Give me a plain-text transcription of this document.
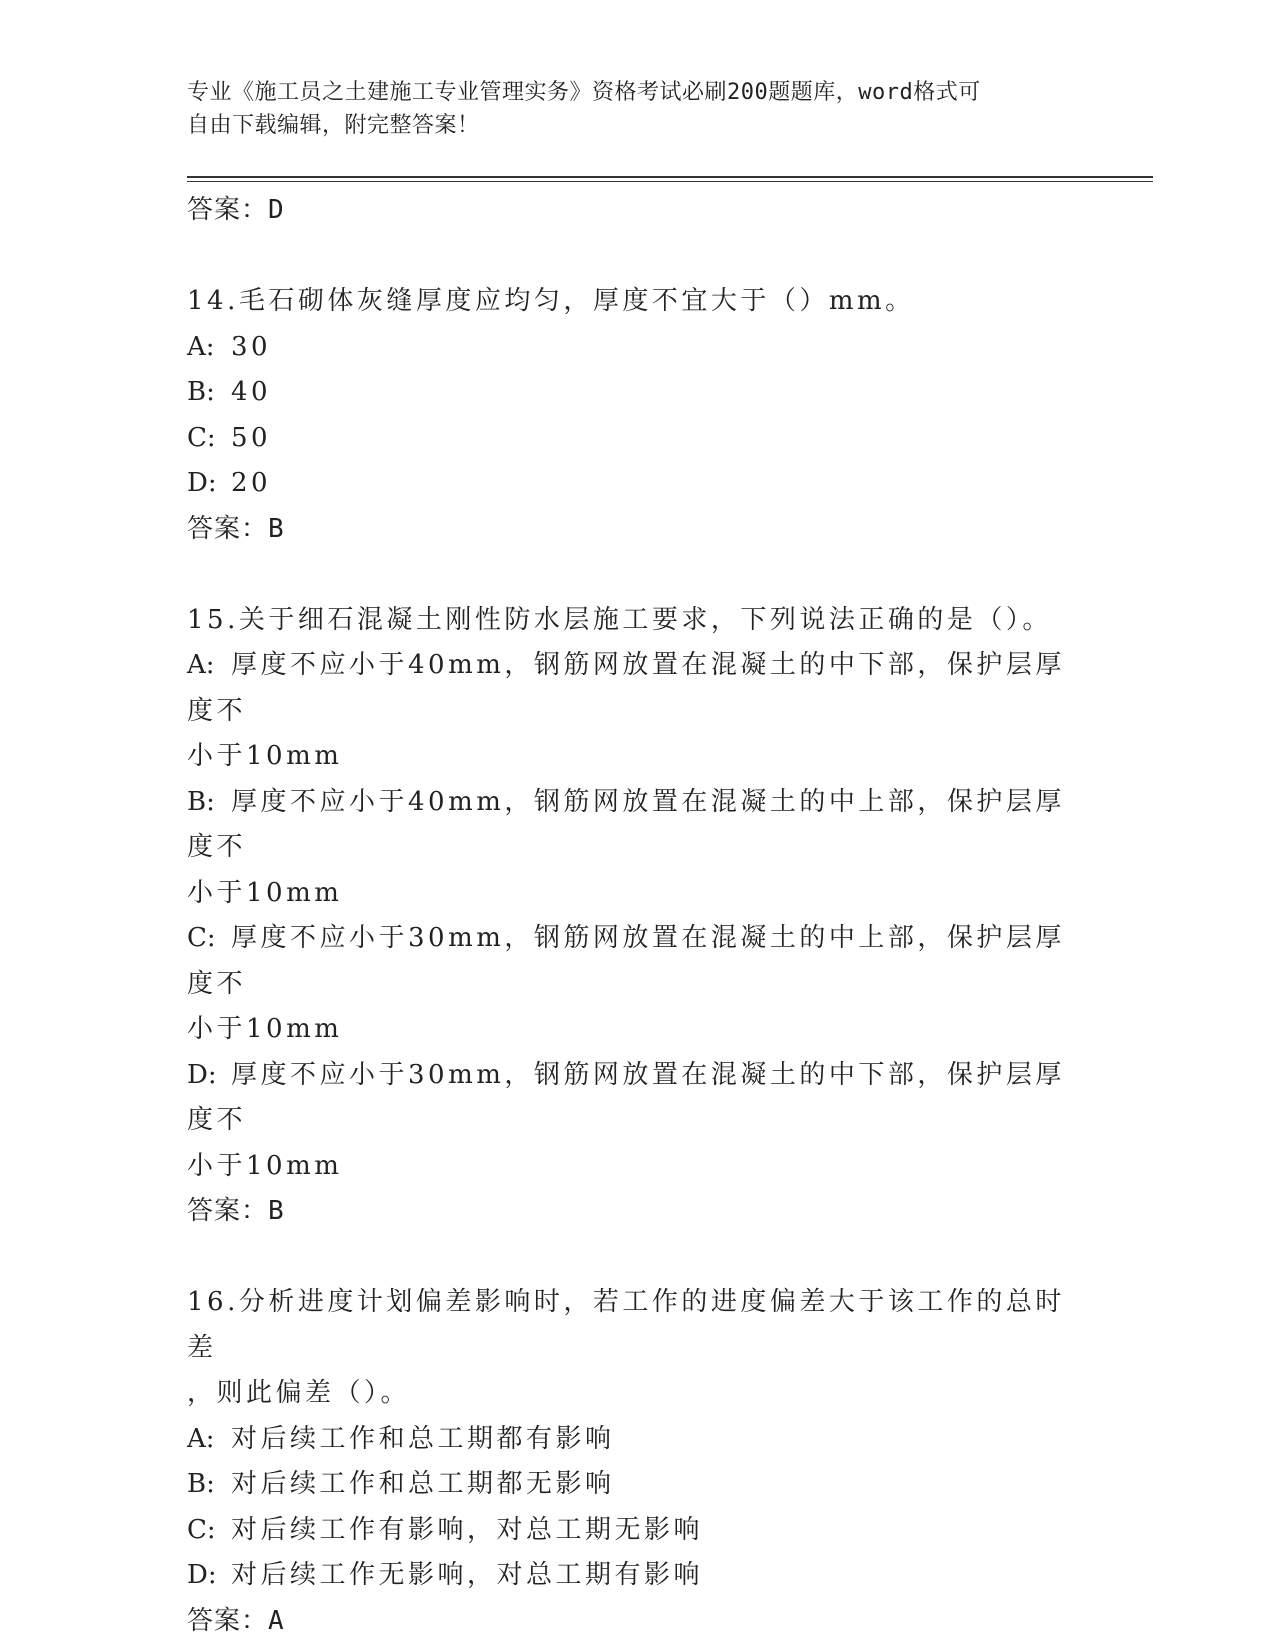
专业《施工员之土建施工专业管理实务》资格考试必刷200题题库，word格式可
自由下载编辑，附完整答案！
答案：D
14.毛石砌体灰缝厚度应均匀，厚度不宜大于（）mm。
A: 30
B: 40
C: 50
D: 20
答案：B
15.关于细石混凝土刚性防水层施工要求，下列说法正确的是（）。
A: 厚度不应小于40mm，钢筋网放置在混凝土的中下部，保护层厚度不
小于10mm
B: 厚度不应小于40mm，钢筋网放置在混凝土的中上部，保护层厚度不
小于10mm
C: 厚度不应小于30mm，钢筋网放置在混凝土的中上部，保护层厚度不
小于10mm
D: 厚度不应小于30mm，钢筋网放置在混凝土的中下部，保护层厚度不
小于10mm
答案：B
16.分析进度计划偏差影响时，若工作的进度偏差大于该工作的总时差
，则此偏差（）。
A: 对后续工作和总工期都有影响
B: 对后续工作和总工期都无影响
C: 对后续工作有影响，对总工期无影响
D: 对后续工作无影响，对总工期有影响
答案：A
